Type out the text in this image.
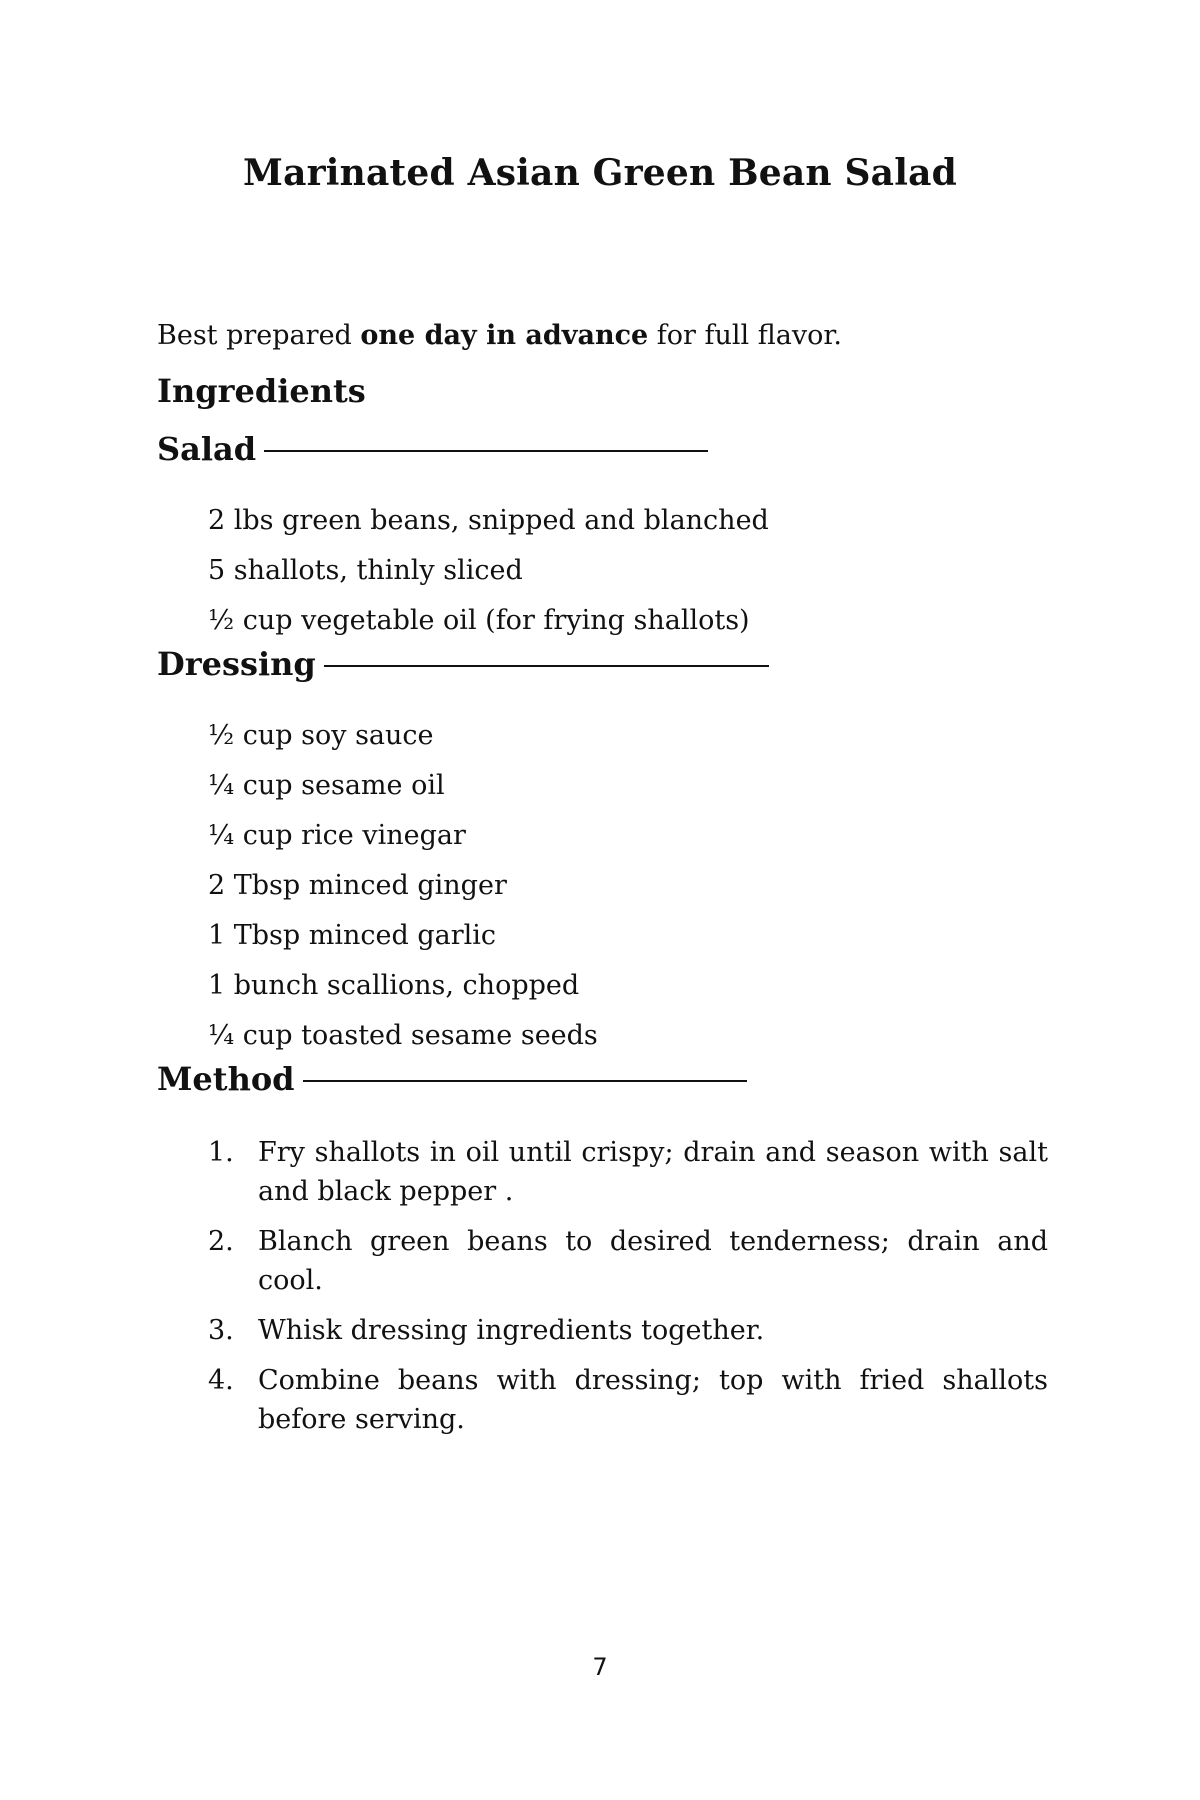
Marinated Asian Green Bean Salad

Best prepared one day in advance for full flavor.

Ingredients
Salad
2 lbs green beans, snipped and blanched
5 shallots, thinly sliced
½ cup vegetable oil (for frying shallots)
Dressing
½ cup soy sauce
¼ cup sesame oil
¼ cup rice vinegar
2 Tbsp minced ginger
1 Tbsp minced garlic
1 bunch scallions, chopped
¼ cup toasted sesame seeds
Method
1. Fry shallots in oil until crispy; drain and season with salt and black pepper .
2. Blanch green beans to desired tenderness; drain and cool.
3. Whisk dressing ingredients together.
4. Combine beans with dressing; top with fried shallots before serving.

7
